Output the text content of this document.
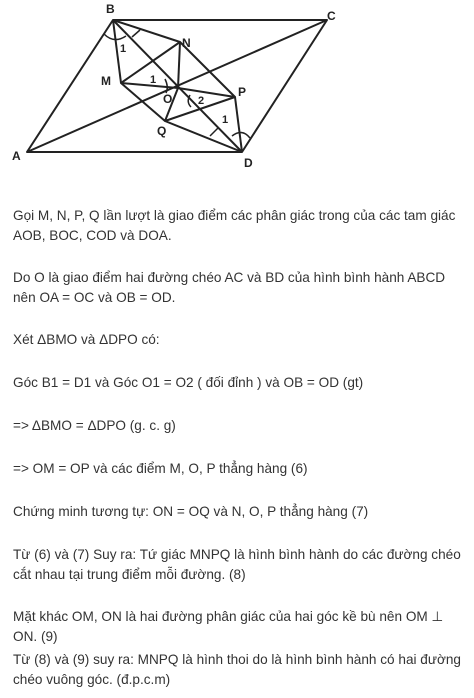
B	C
A	D
N
M
O	P
Q
1
1
2
1

Gọi M, N, P, Q lần lượt là giao điểm các phân giác trong của các tam giác AOB, BOC, COD và DOA.

Do O là giao điểm hai đường chéo AC và BD của hình bình hành ABCD nên OA = OC và OB = OD.

Xét ΔBMO và ΔDPO có:

Góc B1 = D1 và Góc O1 = O2 ( đối đỉnh ) và OB = OD (gt)

=> ΔBMO = ΔDPO (g. c. g)

=> OM = OP và các điểm M, O, P thẳng hàng (6)

Chứng minh tương tự: ON = OQ và N, O, P thẳng hàng (7)

Từ (6) và (7) Suy ra: Tứ giác MNPQ là hình bình hành do các đường chéo cắt nhau tại trung điểm mỗi đường. (8)

Mặt khác OM, ON là hai đường phân giác của hai góc kề bù nên OM ⊥ ON. (9)

Từ (8) và (9) suy ra: MNPQ là hình thoi do là hình bình hành có hai đường chéo vuông góc. (đ.p.c.m)
